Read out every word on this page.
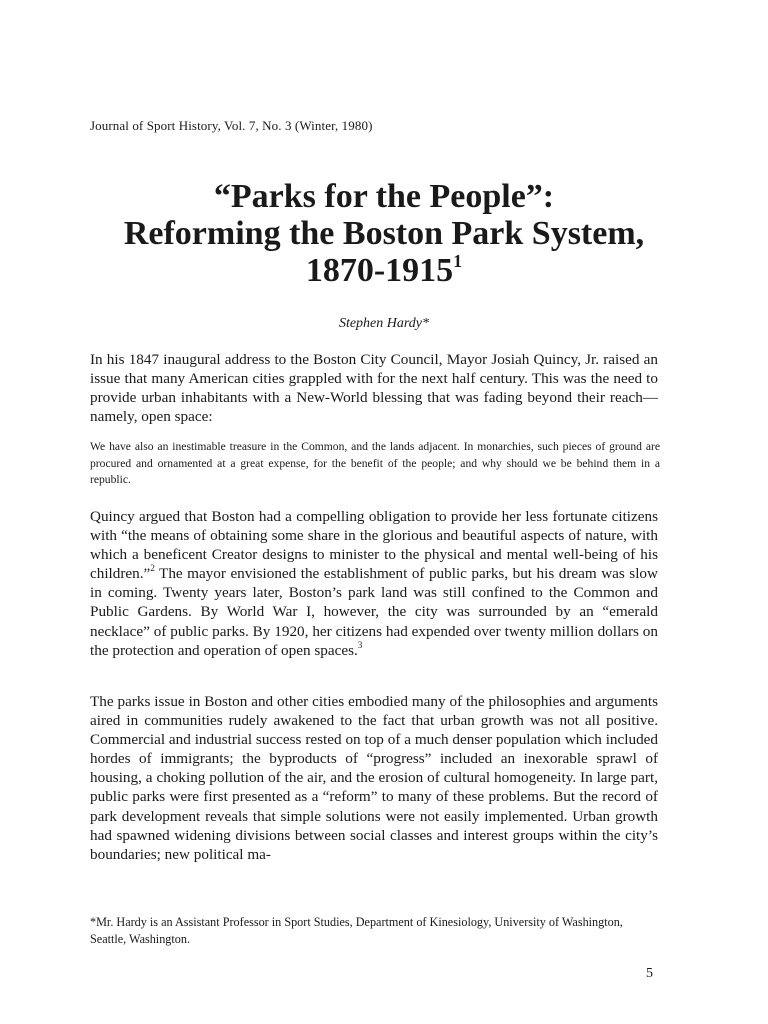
Journal of Sport History, Vol. 7, No. 3 (Winter, 1980)
“Parks for the People”:
Reforming the Boston Park System,
1870-1915$^1$
Stephen Hardy*

In his 1847 inaugural address to the Boston City Council, Mayor Josiah Quincy, Jr. raised an issue that many American cities grappled with for the next half century. This was the need to provide urban inhabitants with a New-World blessing that was fading beyond their reach—namely, open space:

We have also an inestimable treasure in the Common, and the lands adjacent. In monarchies, such pieces of ground are procured and ornamented at a great expense, for the benefit of the people; and why should we be behind them in a republic.

Quincy argued that Boston had a compelling obligation to provide her less fortunate citizens with “the means of obtaining some share in the glorious and beautiful aspects of nature, with which a beneficent Creator designs to minister to the physical and mental well-being of his children.”$^2$ The mayor envisioned the establishment of public parks, but his dream was slow in coming. Twenty years later, Boston’s park land was still confined to the Common and Public Gardens. By World War I, however, the city was surrounded by an “emerald necklace” of public parks. By 1920, her citizens had expended over twenty million dollars on the protection and operation of open spaces.$^3$

The parks issue in Boston and other cities embodied many of the philosophies and arguments aired in communities rudely awakened to the fact that urban growth was not all positive. Commercial and industrial success rested on top of a much denser population which included hordes of immigrants; the byproducts of “progress” included an inexorable sprawl of housing, a choking pollution of the air, and the erosion of cultural homogeneity. In large part, public parks were first presented as a “reform” to many of these problems. But the record of park development reveals that simple solutions were not easily implemented. Urban growth had spawned widening divisions between social classes and interest groups within the city’s boundaries; new political ma-

*Mr. Hardy is an Assistant Professor in Sport Studies, Department of Kinesiology, University of Washington, Seattle, Washington.

5
